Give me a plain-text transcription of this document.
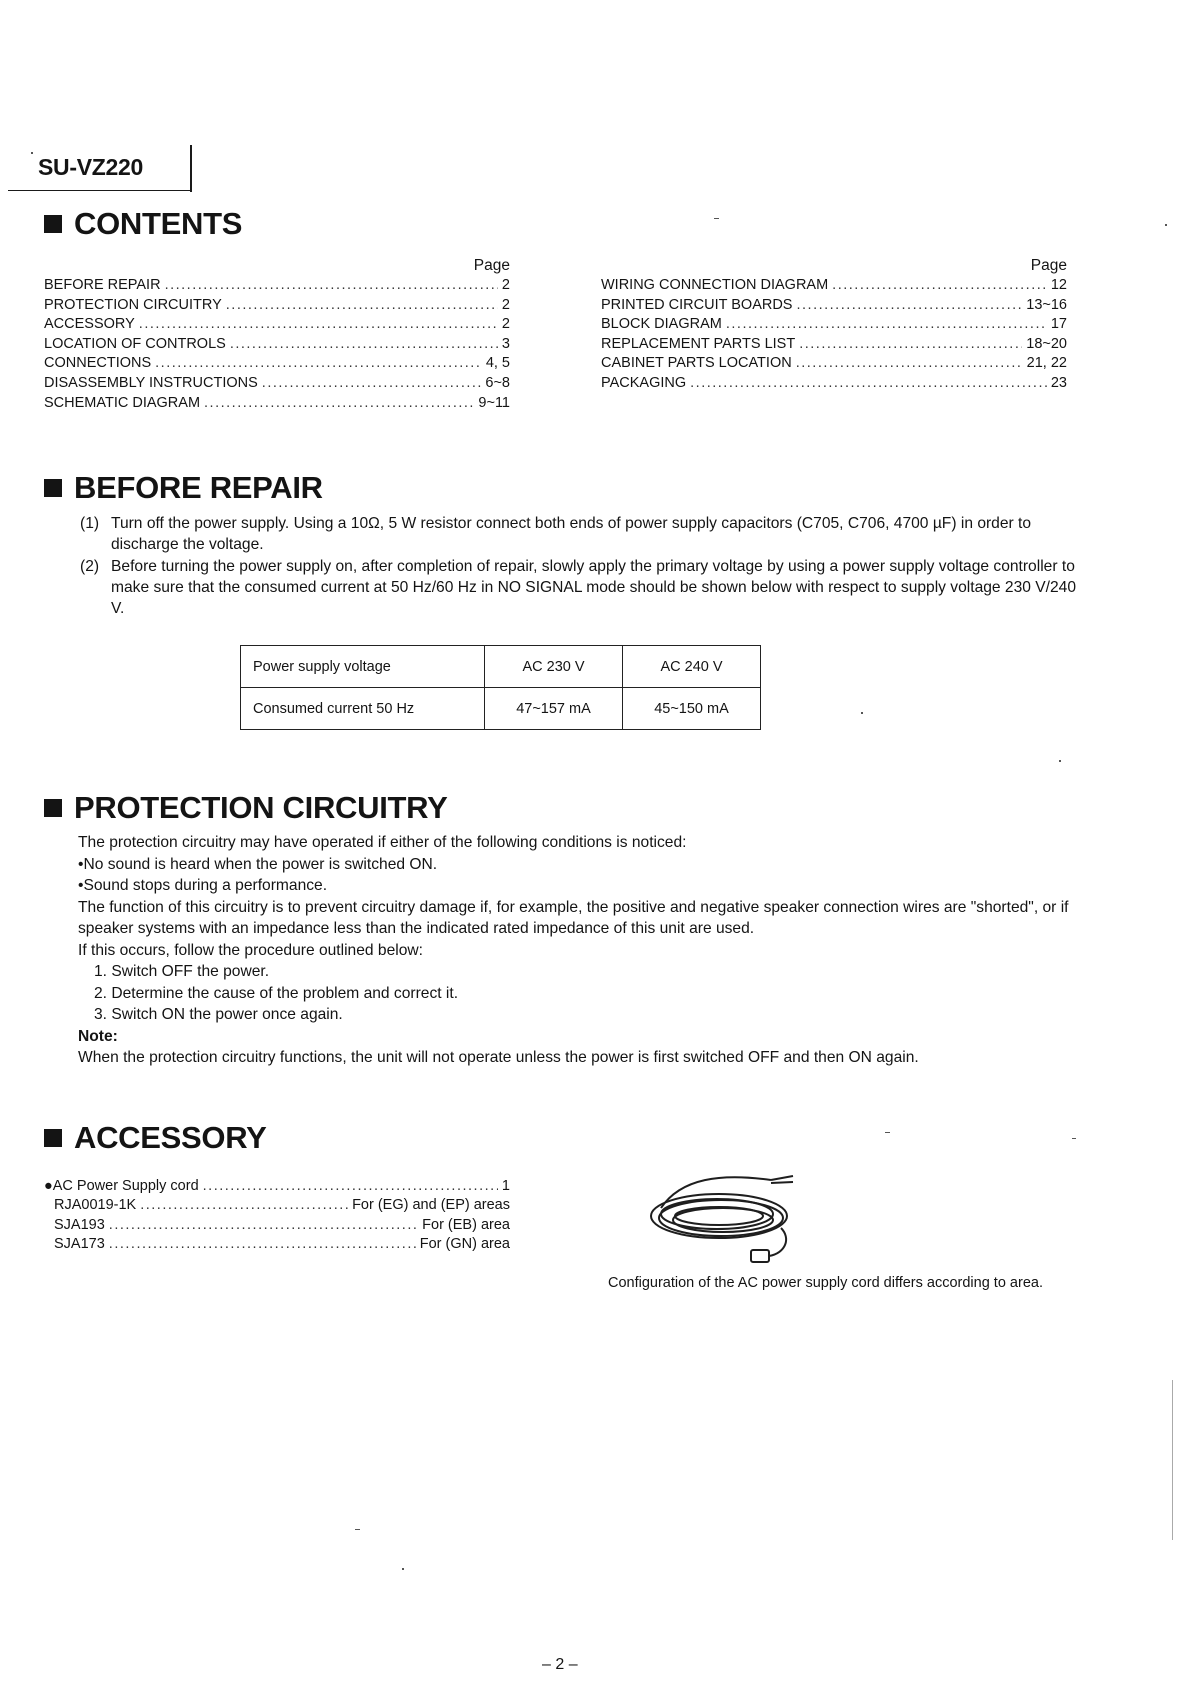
SU-VZ220
CONTENTS
Page
BEFORE REPAIR .....	2
PROTECTION CIRCUITRY .....	2
ACCESSORY .....	2
LOCATION OF CONTROLS .....	3
CONNECTIONS .....	4, 5
DISASSEMBLY INSTRUCTIONS .....	6~8
SCHEMATIC DIAGRAM .....	9~11
Page
WIRING CONNECTION DIAGRAM .....	12
PRINTED CIRCUIT BOARDS .....	13~16
BLOCK DIAGRAM .....	17
REPLACEMENT PARTS LIST .....	18~20
CABINET PARTS LOCATION .....	21, 22
PACKAGING .....	23
BEFORE REPAIR
(1) Turn off the power supply. Using a 10Ω, 5 W resistor connect both ends of power supply capacitors (C705, C706, 4700 µF) in order to discharge the voltage.
(2) Before turning the power supply on, after completion of repair, slowly apply the primary voltage by using a power supply voltage controller to make sure that the consumed current at 50 Hz/60 Hz in NO SIGNAL mode should be shown below with respect to supply voltage 230 V/240 V.
Power supply voltage	AC 230 V	AC 240 V
Consumed current 50 Hz	47~157 mA	45~150 mA
PROTECTION CIRCUITRY

The protection circuitry may have operated if either of the following conditions is noticed:

•No sound is heard when the power is switched ON.

•Sound stops during a performance.

The function of this circuitry is to prevent circuitry damage if, for example, the positive and negative speaker connection wires are "shorted", or if speaker systems with an impedance less than the indicated rated impedance of this unit are used.

If this occurs, follow the procedure outlined below:

1. Switch OFF the power.

2. Determine the cause of the problem and correct it.

3. Switch ON the power once again.

Note:

When the protection circuitry functions, the unit will not operate unless the power is first switched OFF and then ON again.

ACCESSORY
●AC Power Supply cord .....	1
RJA0019-1K .....	For (EG) and (EP) areas
SJA193 .....	For (EB) area
SJA173 .....	For (GN) area
Configuration of the AC power supply cord differs according to area.
– 2 –
